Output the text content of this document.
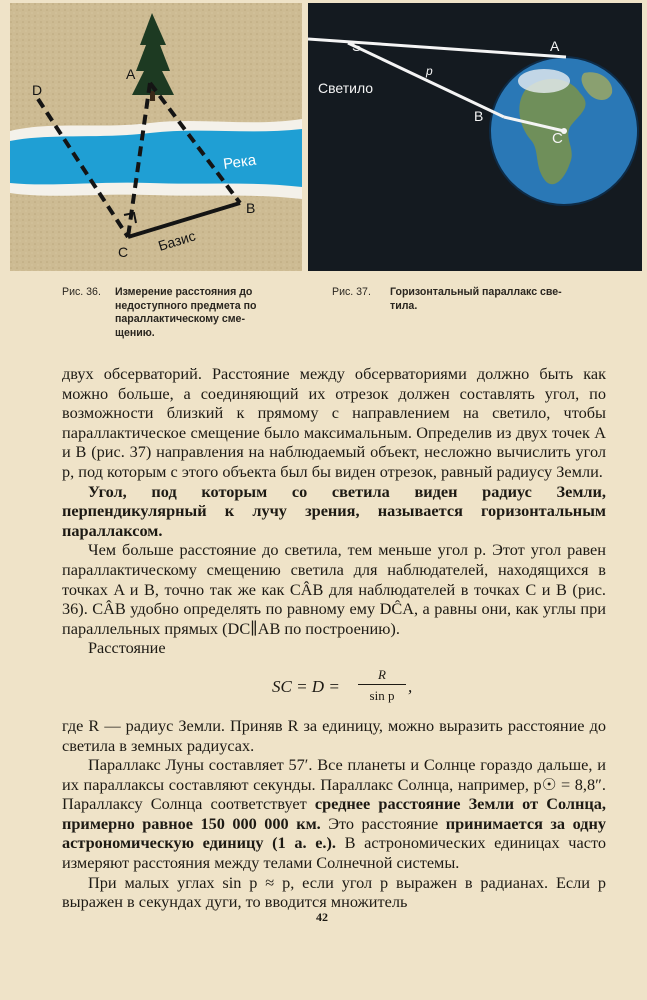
D
A
B
C
Река
Базис
S	A
B
C
p
Светило
Рис. 36. Измерение расстояния до
недоступного предмета по
параллактическому сме-
щению.
Рис. 37. Горизонтальный параллакс све-
тила.

двух обсерваторий. Расстояние между обсерваториями должно быть как можно больше, а соединяющий их отрезок должен составлять угол, по возможности близкий к прямому с направлением на светило, чтобы параллактическое смещение было максимальным. Определив из двух точек A и B (рис. 37) направления на наблюдаемый объект, несложно вычислить угол p, под которым с этого объекта был бы виден отрезок, равный радиусу Земли.

Угол, под которым со светила виден радиус Земли, перпендикулярный к лучу зрения, называется горизонтальным параллаксом.

Чем больше расстояние до светила, тем меньше угол p. Этот угол равен параллактическому смещению светила для наблюдателей, находящихся в точках A и B, точно так же как CÂB для наблюдателей в точках C и B (рис. 36). CÂB удобно определять по равному ему DĈA, а равны они, как углы при параллельных прямых (DC∥AB по построению).

Расстояние

SC = D =
R
sin p ,

где R — радиус Земли. Приняв R за единицу, можно выразить расстояние до светила в земных радиусах.

Параллакс Луны составляет 57′. Все планеты и Солнце гораздо дальше, и их параллаксы составляют секунды. Параллакс Солнца, например, p☉ = 8,8″. Параллаксу Солнца соответствует среднее расстояние Земли от Солнца, примерно равное 150 000 000 км. Это расстояние принимается за одну астрономическую единицу (1 а. е.). В астрономических единицах часто измеряют расстояния между телами Солнечной системы.

При малых углах sin p ≈ p, если угол p выражен в радианах. Если p выражен в секундах дуги, то вводится множитель

42
